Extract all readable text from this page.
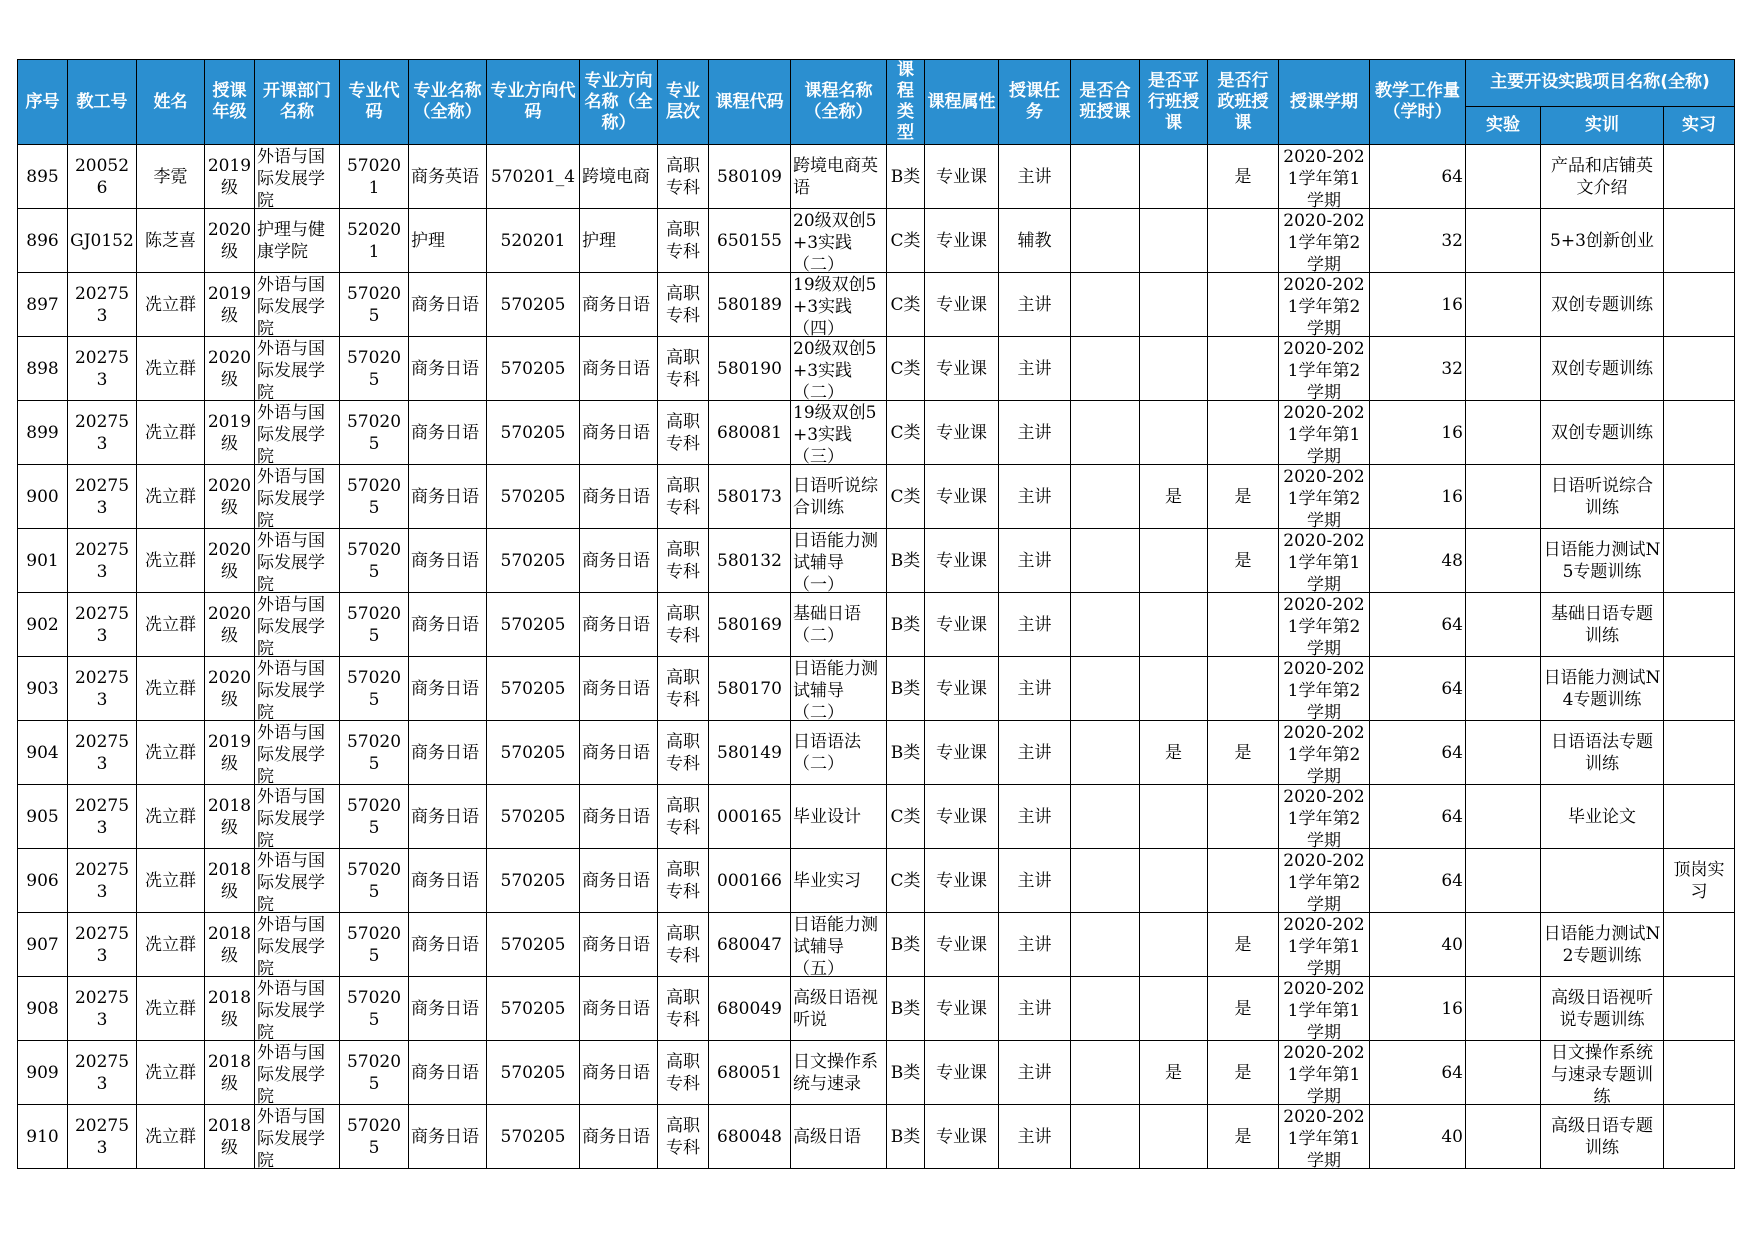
序号	教工号	姓名	授课年级	开课部门名称	专业代码	专业名称（全称）	专业方向代码	专业方向名称（全称）	专业层次	课程代码	课程名称（全称）	课程类型	课程属性	授课任务	是否合班授课	是否平行班授课	是否行政班授课	授课学期	教学工作量（学时）	主要开设实践项目名称(全称)		
																				实验	实训	实习

895	200526	李霓	2019级	外语与国际发展学院	570201	商务英语	570201_4	跨境电商	高职专科	580109	跨境电商英语	B类	专业课	主讲			是	2020-2021学年第1学期	64		产品和店铺英文介绍	

896	GJ0152	陈芝喜	2020级	护理与健康学院	520201	护理	520201	护理	高职专科	650155	20级双创5+3实践（二）	C类	专业课	辅教				2020-2021学年第2学期	32		5+3创新创业	

897	202753	冼立群	2019级	外语与国际发展学院	570205	商务日语	570205	商务日语	高职专科	580189	19级双创5+3实践（四）	C类	专业课	主讲				2020-2021学年第2学期	16		双创专题训练	

898	202753	冼立群	2020级	外语与国际发展学院	570205	商务日语	570205	商务日语	高职专科	580190	20级双创5+3实践（二）	C类	专业课	主讲				2020-2021学年第2学期	32		双创专题训练	

899	202753	冼立群	2019级	外语与国际发展学院	570205	商务日语	570205	商务日语	高职专科	680081	19级双创5+3实践（三）	C类	专业课	主讲				2020-2021学年第1学期	16		双创专题训练	

900	202753	冼立群	2020级	外语与国际发展学院	570205	商务日语	570205	商务日语	高职专科	580173	日语听说综合训练	C类	专业课	主讲		是	是	2020-2021学年第2学期	16		日语听说综合训练	

901	202753	冼立群	2020级	外语与国际发展学院	570205	商务日语	570205	商务日语	高职专科	580132	日语能力测试辅导（一）	B类	专业课	主讲			是	2020-2021学年第1学期	48		日语能力测试N5专题训练	

902	202753	冼立群	2020级	外语与国际发展学院	570205	商务日语	570205	商务日语	高职专科	580169	基础日语（二）	B类	专业课	主讲				2020-2021学年第2学期	64		基础日语专题训练	

903	202753	冼立群	2020级	外语与国际发展学院	570205	商务日语	570205	商务日语	高职专科	580170	日语能力测试辅导（二）	B类	专业课	主讲				2020-2021学年第2学期	64		日语能力测试N4专题训练	

904	202753	冼立群	2019级	外语与国际发展学院	570205	商务日语	570205	商务日语	高职专科	580149	日语语法（二）	B类	专业课	主讲		是	是	2020-2021学年第2学期	64		日语语法专题训练	

905	202753	冼立群	2018级	外语与国际发展学院	570205	商务日语	570205	商务日语	高职专科	000165	毕业设计	C类	专业课	主讲				2020-2021学年第2学期	64		毕业论文	

906	202753	冼立群	2018级	外语与国际发展学院	570205	商务日语	570205	商务日语	高职专科	000166	毕业实习	C类	专业课	主讲				2020-2021学年第2学期	64			顶岗实习

907	202753	冼立群	2018级	外语与国际发展学院	570205	商务日语	570205	商务日语	高职专科	680047	日语能力测试辅导（五）	B类	专业课	主讲			是	2020-2021学年第1学期	40		日语能力测试N2专题训练	

908	202753	冼立群	2018级	外语与国际发展学院	570205	商务日语	570205	商务日语	高职专科	680049	高级日语视听说	B类	专业课	主讲			是	2020-2021学年第1学期	16		高级日语视听说专题训练	

909	202753	冼立群	2018级	外语与国际发展学院	570205	商务日语	570205	商务日语	高职专科	680051	日文操作系统与速录	B类	专业课	主讲		是	是	2020-2021学年第1学期	64		日文操作系统与速录专题训练	

910	202753	冼立群	2018级	外语与国际发展学院	570205	商务日语	570205	商务日语	高职专科	680048	高级日语	B类	专业课	主讲			是	2020-2021学年第1学期	40		高级日语专题训练	
